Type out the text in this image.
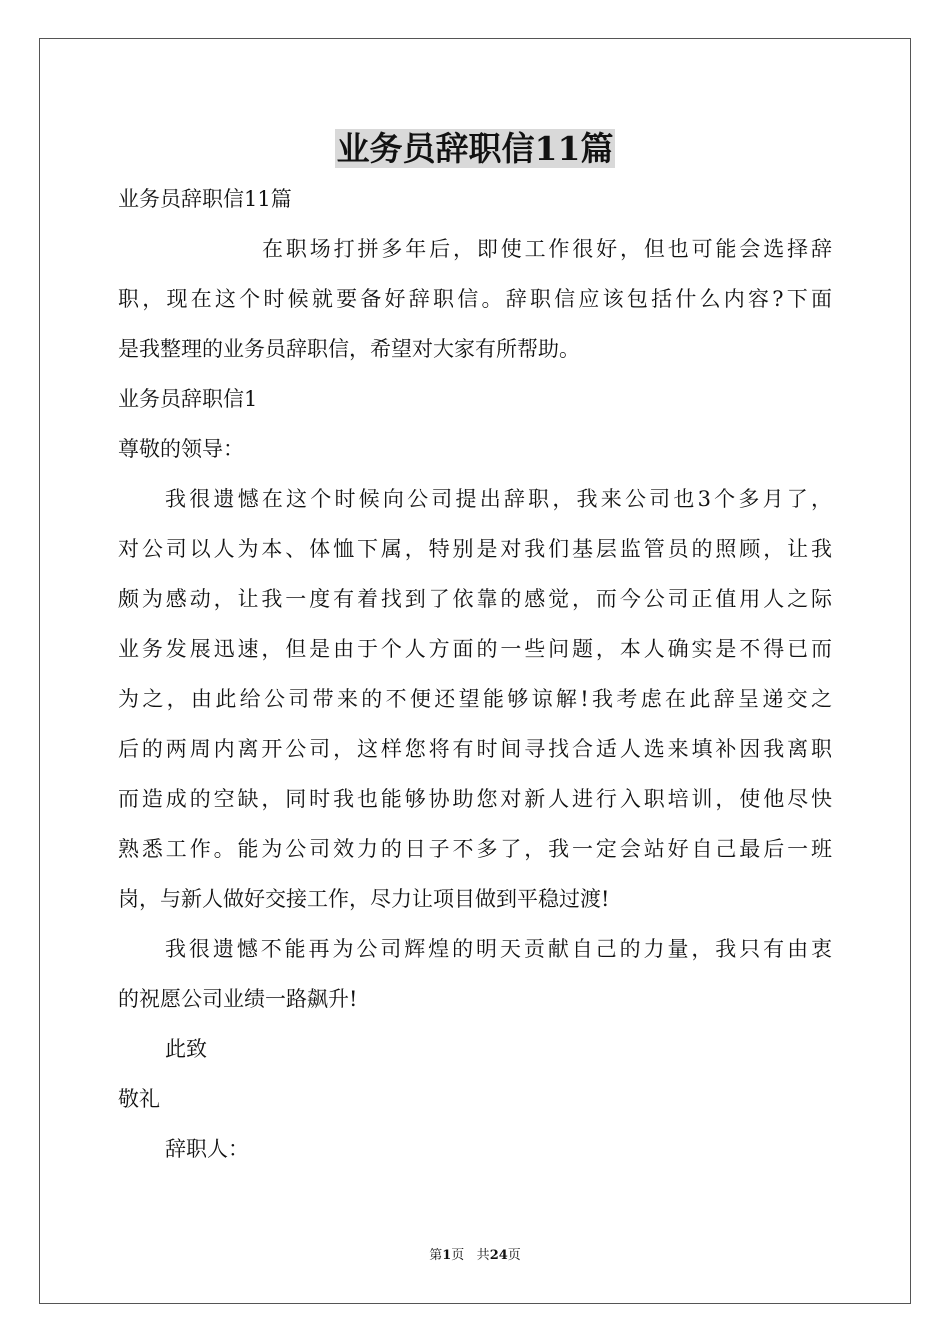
业务员辞职信11篇
业务员辞职信11篇
在职场打拼多年后，即使工作很好，但也可能会选择辞
职，现在这个时候就要备好辞职信。辞职信应该包括什么内容?下面
是我整理的业务员辞职信，希望对大家有所帮助。
业务员辞职信1
尊敬的领导：
我很遗憾在这个时候向公司提出辞职，我来公司也3个多月了，
对公司以人为本、体恤下属，特别是对我们基层监管员的照顾，让我
颇为感动，让我一度有着找到了依靠的感觉，而今公司正值用人之际
业务发展迅速，但是由于个人方面的一些问题，本人确实是不得已而
为之，由此给公司带来的不便还望能够谅解!我考虑在此辞呈递交之
后的两周内离开公司，这样您将有时间寻找合适人选来填补因我离职
而造成的空缺，同时我也能够协助您对新人进行入职培训，使他尽快
熟悉工作。能为公司效力的日子不多了，我一定会站好自己最后一班
岗，与新人做好交接工作，尽力让项目做到平稳过渡!
我很遗憾不能再为公司辉煌的明天贡献自己的力量，我只有由衷
的祝愿公司业绩一路飙升!
此致
敬礼
辞职人：
第1页 共24页
